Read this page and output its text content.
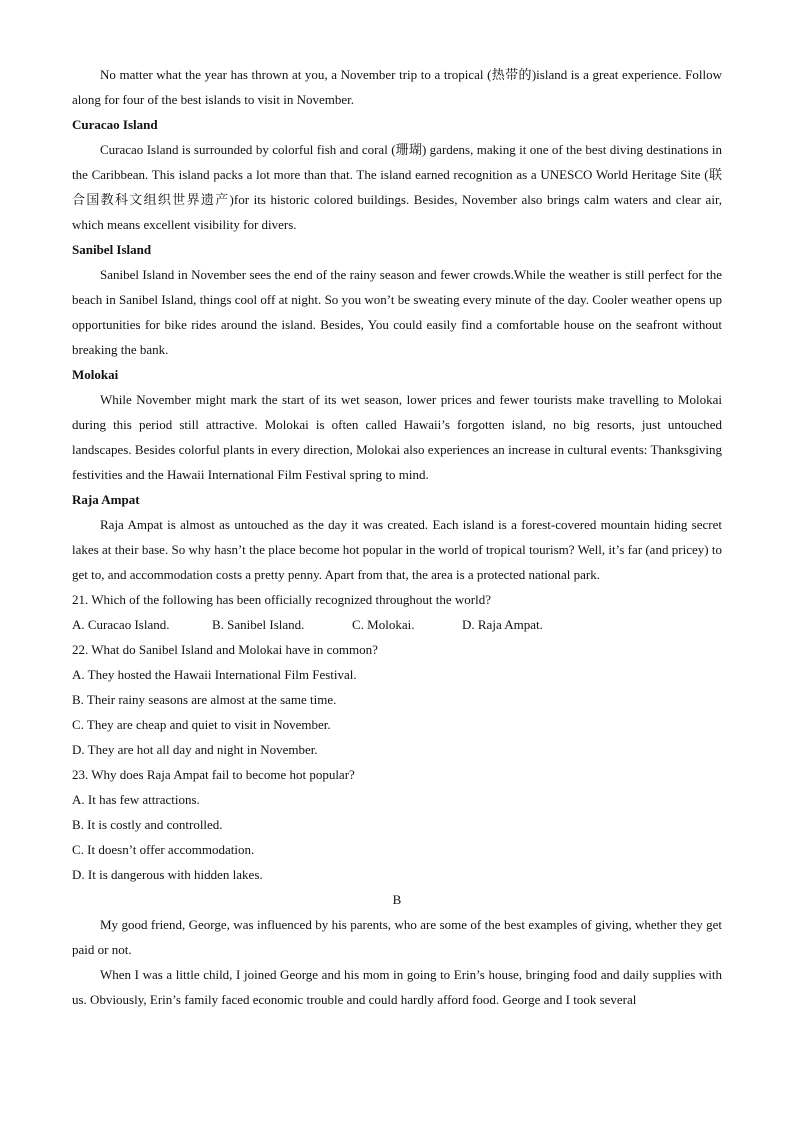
No matter what the year has thrown at you, a November trip to a tropical (热带的)island is a great experience. Follow along for four of the best islands to visit in November.

Curacao Island

Curacao Island is surrounded by colorful fish and coral (珊瑚) gardens, making it one of the best diving destinations in the Caribbean. This island packs a lot more than that. The island earned recognition as a UNESCO World Heritage Site (联合国教科文组织世界遗产)for its historic colored buildings. Besides, November also brings calm waters and clear air, which means excellent visibility for divers.

Sanibel Island

Sanibel Island in November sees the end of the rainy season and fewer crowds.While the weather is still perfect for the beach in Sanibel Island, things cool off at night. So you won’t be sweating every minute of the day. Cooler weather opens up opportunities for bike rides around the island. Besides, You could easily find a comfortable house on the seafront without breaking the bank.

Molokai

While November might mark the start of its wet season, lower prices and fewer tourists make travelling to Molokai during this period still attractive. Molokai is often called Hawaii’s forgotten island, no big resorts, just untouched landscapes. Besides colorful plants in every direction, Molokai also experiences an increase in cultural events: Thanksgiving festivities and the Hawaii International Film Festival spring to mind.

Raja Ampat

Raja Ampat is almost as untouched as the day it was created. Each island is a forest-covered mountain hiding secret lakes at their base. So why hasn’t the place become hot popular in the world of tropical tourism? Well, it’s far (and pricey) to get to, and accommodation costs a pretty penny. Apart from that, the area is a protected national park.

21. Which of the following has been officially recognized throughout the world?

A. Curacao Island.	B. Sanibel Island.	C. Molokai.	D. Raja Ampat.

22. What do Sanibel Island and Molokai have in common?

A. They hosted the Hawaii International Film Festival.

B. Their rainy seasons are almost at the same time.

C. They are cheap and quiet to visit in November.

D. They are hot all day and night in November.

23. Why does Raja Ampat fail to become hot popular?

A. It has few attractions.

B. It is costly and controlled.

C. It doesn’t offer accommodation.

D. It is dangerous with hidden lakes.

B

My good friend, George, was influenced by his parents, who are some of the best examples of giving, whether they get paid or not.

When I was a little child, I joined George and his mom in going to Erin’s house, bringing food and daily supplies with us. Obviously, Erin’s family faced economic trouble and could hardly afford food. George and I took several
